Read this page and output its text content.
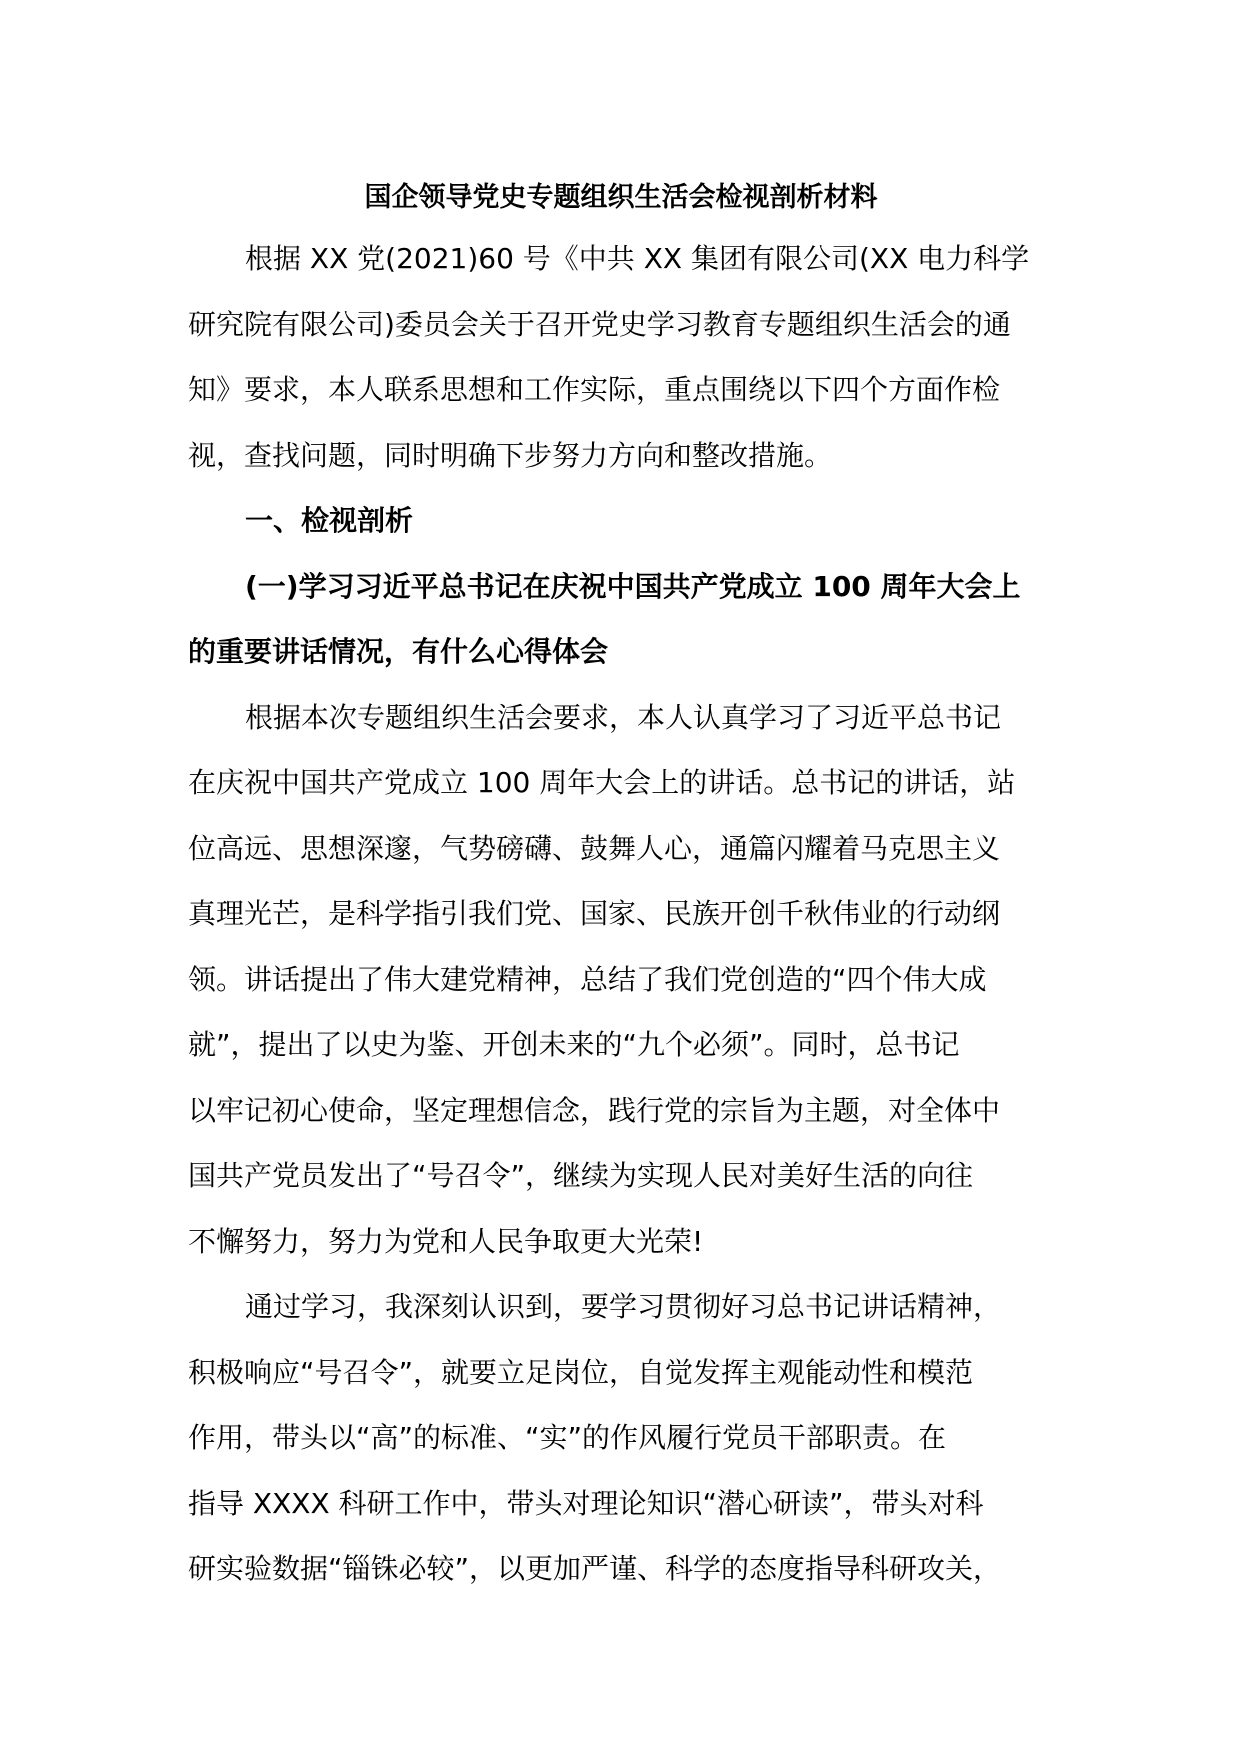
国企领导党史专题组织生活会检视剖析材料
根据 XX 党(2021)60 号《中共 XX 集团有限公司(XX 电力科学
研究院有限公司)委员会关于召开党史学习教育专题组织生活会的通
知》要求，本人联系思想和工作实际，重点围绕以下四个方面作检
视，查找问题，同时明确下步努力方向和整改措施。
一、检视剖析
(一)学习习近平总书记在庆祝中国共产党成立 100 周年大会上
的重要讲话情况，有什么心得体会
根据本次专题组织生活会要求，本人认真学习了习近平总书记
在庆祝中国共产党成立 100 周年大会上的讲话。总书记的讲话，站
位高远、思想深邃，气势磅礴、鼓舞人心，通篇闪耀着马克思主义
真理光芒，是科学指引我们党、国家、民族开创千秋伟业的行动纲
领。讲话提出了伟大建党精神，总结了我们党创造的“四个伟大成
就”，提出了以史为鉴、开创未来的“九个必须”。同时，总书记
以牢记初心使命，坚定理想信念，践行党的宗旨为主题，对全体中
国共产党员发出了“号召令”，继续为实现人民对美好生活的向往
不懈努力，努力为党和人民争取更大光荣!
通过学习，我深刻认识到，要学习贯彻好习总书记讲话精神，
积极响应“号召令”，就要立足岗位，自觉发挥主观能动性和模范
作用，带头以“高”的标准、“实”的作风履行党员干部职责。在
指导 XXXX 科研工作中，带头对理论知识“潜心研读”，带头对科
研实验数据“锱铢必较”，以更加严谨、科学的态度指导科研攻关，
